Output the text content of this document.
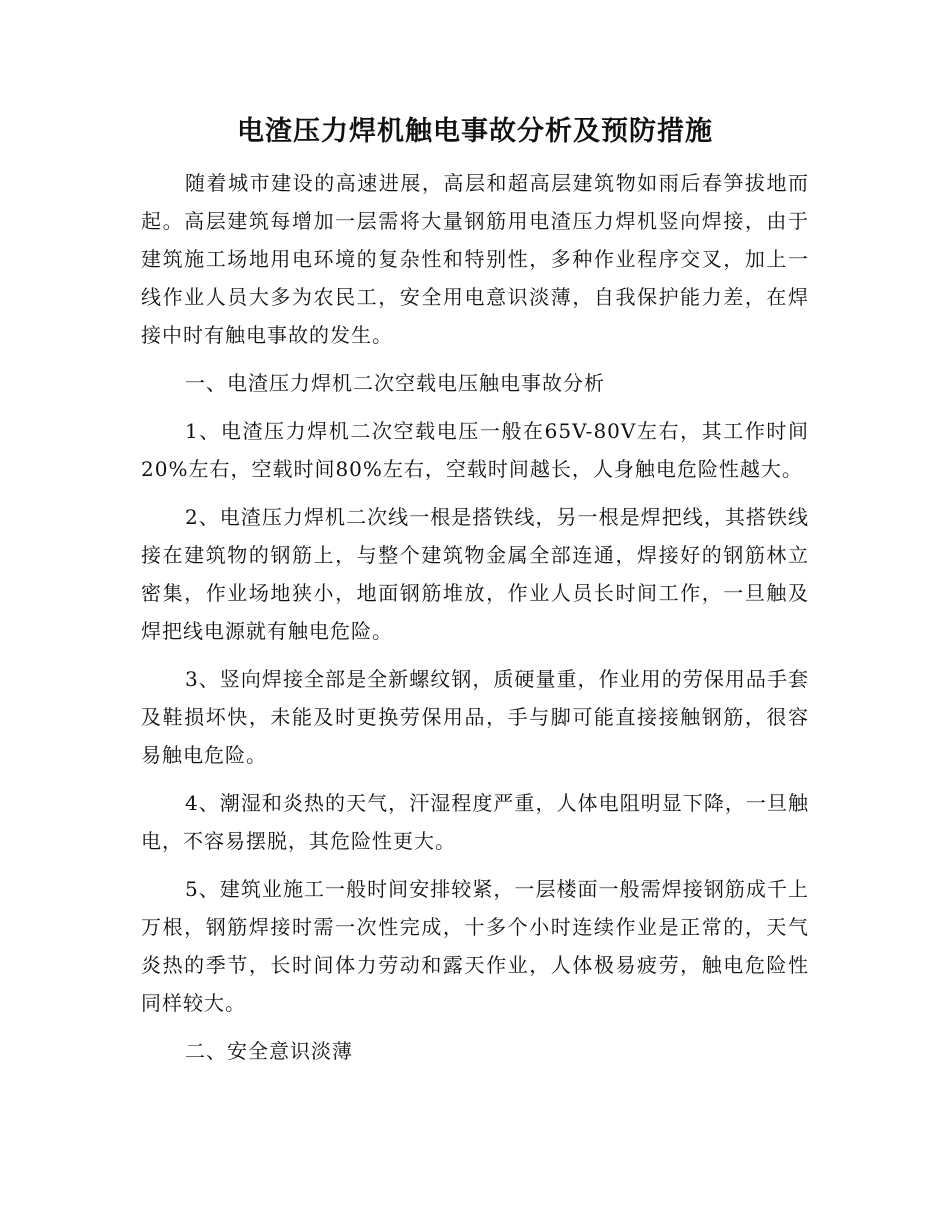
电渣压力焊机触电事故分析及预防措施

随着城市建设的高速进展，高层和超高层建筑物如雨后春笋拔地而起。高层建筑每增加一层需将大量钢筋用电渣压力焊机竖向焊接，由于建筑施工场地用电环境的复杂性和特别性，多种作业程序交叉，加上一线作业人员大多为农民工，安全用电意识淡薄，自我保护能力差，在焊接中时有触电事故的发生。

一、电渣压力焊机二次空载电压触电事故分析

1、电渣压力焊机二次空载电压一般在65V-80V左右，其工作时间20%左右，空载时间80%左右，空载时间越长，人身触电危险性越大。

2、电渣压力焊机二次线一根是搭铁线，另一根是焊把线，其搭铁线接在建筑物的钢筋上，与整个建筑物金属全部连通，焊接好的钢筋林立密集，作业场地狭小，地面钢筋堆放，作业人员长时间工作，一旦触及焊把线电源就有触电危险。

3、竖向焊接全部是全新螺纹钢，质硬量重，作业用的劳保用品手套及鞋损坏快，未能及时更换劳保用品，手与脚可能直接接触钢筋，很容易触电危险。

4、潮湿和炎热的天气，汗湿程度严重，人体电阻明显下降，一旦触电，不容易摆脱，其危险性更大。

5、建筑业施工一般时间安排较紧，一层楼面一般需焊接钢筋成千上万根，钢筋焊接时需一次性完成，十多个小时连续作业是正常的，天气炎热的季节，长时间体力劳动和露天作业，人体极易疲劳，触电危险性同样较大。

二、安全意识淡薄
